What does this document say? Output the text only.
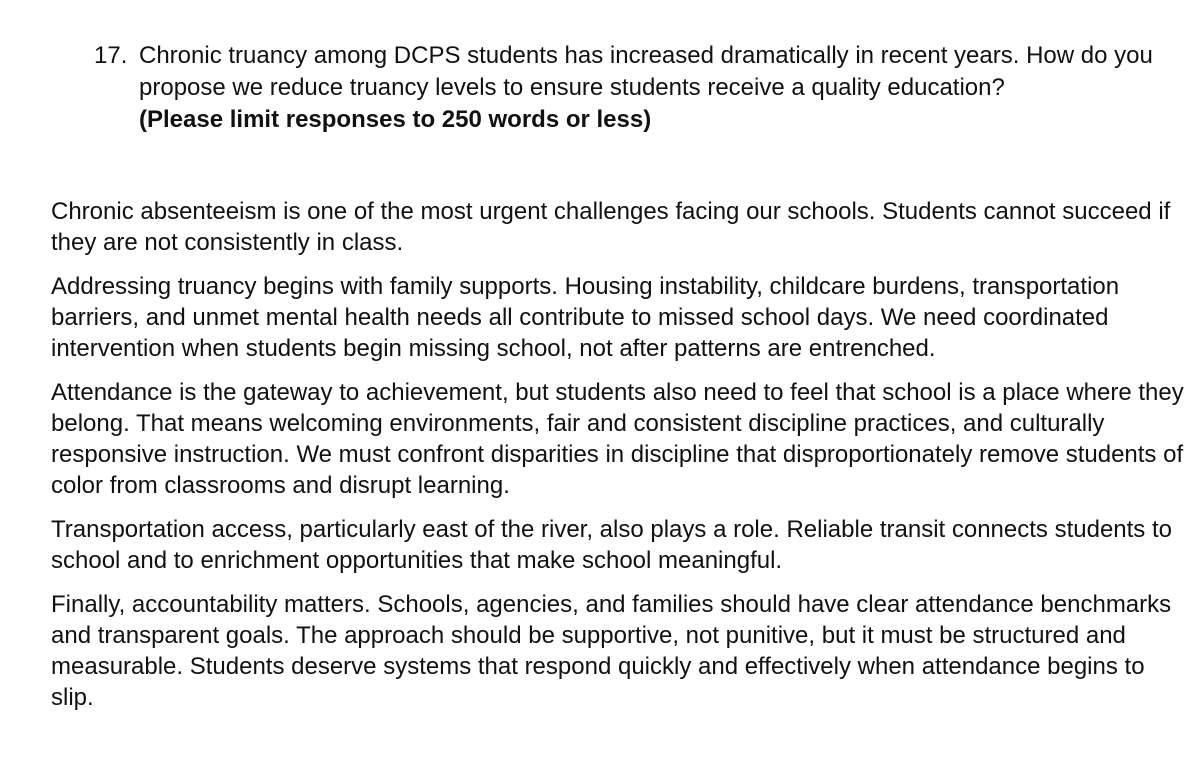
17. Chronic truancy among DCPS students has increased dramatically in recent years. How do you propose we reduce truancy levels to ensure students receive a quality education?
(Please limit responses to 250 words or less)

Chronic absenteeism is one of the most urgent challenges facing our schools. Students cannot succeed if they are not consistently in class.

Addressing truancy begins with family supports. Housing instability, childcare burdens, transportation barriers, and unmet mental health needs all contribute to missed school days. We need coordinated intervention when students begin missing school, not after patterns are entrenched.

Attendance is the gateway to achievement, but students also need to feel that school is a place where they belong. That means welcoming environments, fair and consistent discipline practices, and culturally responsive instruction. We must confront disparities in discipline that disproportionately remove students of color from classrooms and disrupt learning.

Transportation access, particularly east of the river, also plays a role. Reliable transit connects students to school and to enrichment opportunities that make school meaningful.

Finally, accountability matters. Schools, agencies, and families should have clear attendance benchmarks and transparent goals. The approach should be supportive, not punitive, but it must be structured and measurable. Students deserve systems that respond quickly and effectively when attendance begins to slip.
